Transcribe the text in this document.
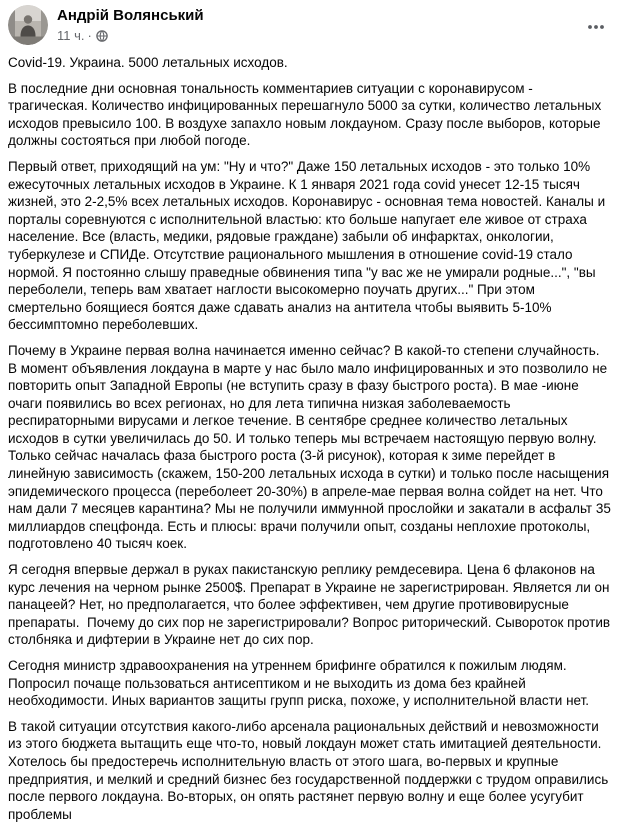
Андрій Волянський
11 ч. ·

Covid-19. Украина. 5000 летальных исходов.

В последние дни основная тональность комментариев ситуации с коронавирусом - трагическая. Количество инфицированных перешагнуло 5000 за сутки, количество летальных исходов превысило 100. В воздухе запахло новым локдауном. Сразу после выборов, которые должны состояться при любой погоде.

Первый ответ, приходящий на ум: "Ну и что?" Даже 150 летальных исходов - это только 10% ежесуточных летальных исходов в Украине. К 1 января 2021 года covid унесет 12-15 тысяч жизней, это 2-2,5% всех летальных исходов. Коронавирус - основная тема новостей. Каналы и порталы соревнуются с исполнительной властью: кто больше напугает еле живое от страха население. Все (власть, медики, рядовые граждане) забыли об инфарктах, онкологии, туберкулезе и СПИДе. Отсутствие рационального мышления в отношение covid-19 стало нормой. Я постоянно слышу праведные обвинения типа "у вас же не умирали родные...", "вы переболели, теперь вам хватает наглости высокомерно поучать других..." При этом смертельно боящиеся боятся даже сдавать анализ на антитела чтобы выявить 5-10% бессимптомно переболевших.

Почему в Украине первая волна начинается именно сейчас? В какой-то степени случайность. В момент объявления локдауна в марте у нас было мало инфицированных и это позволило не повторить опыт Западной Европы (не вступить сразу в фазу быстрого роста). В мае -июне очаги появились во всех регионах, но для лета типична низкая заболеваемость респираторными вирусами и легкое течение. В сентябре среднее количество летальных исходов в сутки увеличилась до 50. И только теперь мы встречаем настоящую первую волну. Только сейчас началась фаза быстрого роста (3-й рисунок), которая к зиме перейдет в линейную зависимость (скажем, 150-200 летальных исхода в сутки) и только после насыщения эпидемического процесса (переболеет 20-30%) в апреле-мае первая волна сойдет на нет. Что нам дали 7 месяцев карантина? Мы не получили иммунной прослойки и закатали в асфальт 35 миллиардов спецфонда. Есть и плюсы: врачи получили опыт, созданы неплохие протоколы, подготовлено 40 тысяч коек.

Я сегодня впервые держал в руках пакистанскую реплику ремдесевира. Цена 6 флаконов на курс лечения на черном рынке 2500$. Препарат в Украине не зарегистрирован. Является ли он панацеей? Нет, но предполагается, что более эффективен, чем другие противовирусные препараты.  Почему до сих пор не зарегистрировали? Вопрос риторический. Сывороток против столбняка и дифтерии в Украине нет до сих пор.

Сегодня министр здравоохранения на утреннем брифинге обратился к пожилым людям. Попросил почаще пользоваться антисептиком и не выходить из дома без крайней необходимости. Иных вариантов защиты групп риска, похоже, у исполнительной власти нет.

В такой ситуации отсутствия какого-либо арсенала рациональных действий и невозможности из этого бюджета вытащить еще что-то, новый локдаун может стать имитацией деятельности. Хотелось бы предостеречь исполнительную власть от этого шага, во-первых и крупные предприятия, и мелкий и средний бизнес без государственной поддержки с трудом оправились после первого локдауна. Во-вторых, он опять растянет первую волну и еще более усугубит проблемы
